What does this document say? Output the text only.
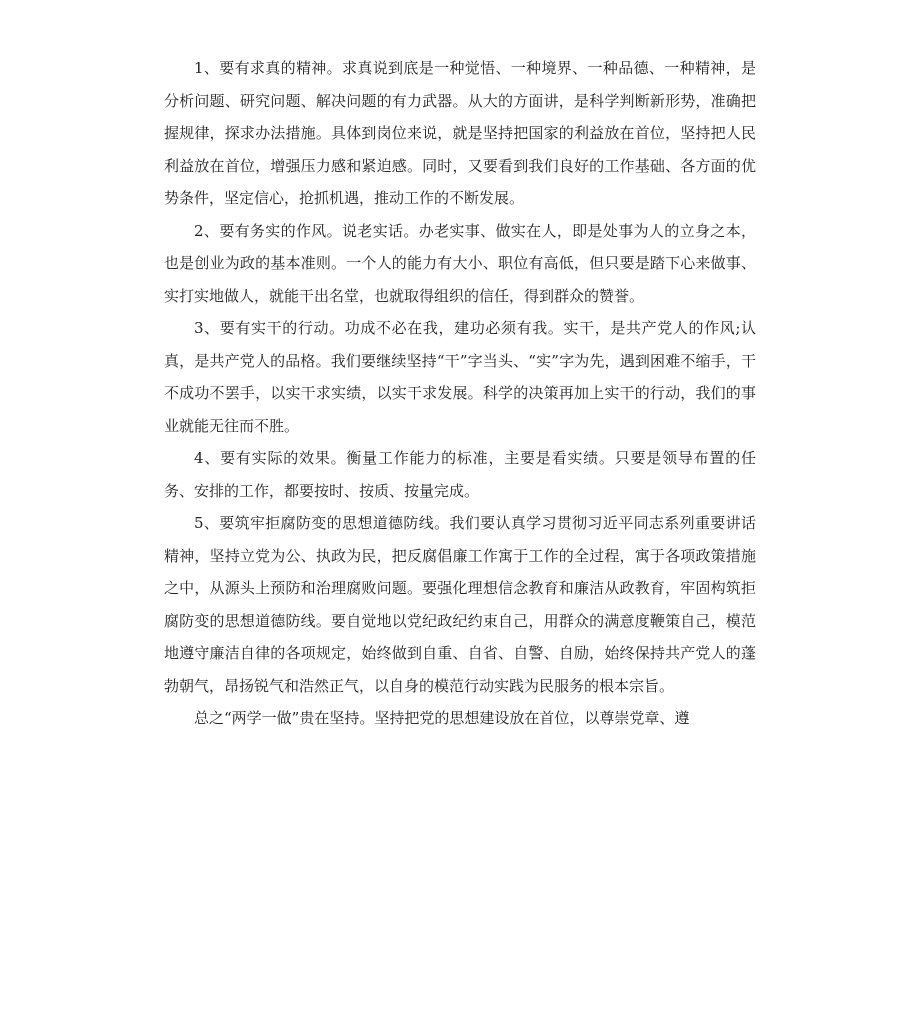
1、要有求真的精神。求真说到底是一种觉悟、一种境界、一种品德、一种精神，是分析问题、研究问题、解决问题的有力武器。从大的方面讲，是科学判断新形势，准确把握规律，探求办法措施。具体到岗位来说，就是坚持把国家的利益放在首位，坚持把人民利益放在首位，增强压力感和紧迫感。同时，又要看到我们良好的工作基础、各方面的优势条件，坚定信心，抢抓机遇，推动工作的不断发展。

2、要有务实的作风。说老实话。办老实事、做实在人，即是处事为人的立身之本，也是创业为政的基本准则。一个人的能力有大小、职位有高低，但只要是踏下心来做事、实打实地做人，就能干出名堂，也就取得组织的信任，得到群众的赞誉。

3、要有实干的行动。功成不必在我，建功必须有我。实干，是共产党人的作风;认真，是共产党人的品格。我们要继续坚持“干”字当头、“实”字为先，遇到困难不缩手，干不成功不罢手，以实干求实绩，以实干求发展。科学的决策再加上实干的行动，我们的事业就能无往而不胜。

4、要有实际的效果。衡量工作能力的标准，主要是看实绩。只要是领导布置的任务、安排的工作，都要按时、按质、按量完成。

5、要筑牢拒腐防变的思想道德防线。我们要认真学习贯彻习近平同志系列重要讲话精神，坚持立党为公、执政为民，把反腐倡廉工作寓于工作的全过程，寓于各项政策措施之中，从源头上预防和治理腐败问题。要强化理想信念教育和廉洁从政教育，牢固构筑拒腐防变的思想道德防线。要自觉地以党纪政纪约束自己，用群众的满意度鞭策自己，模范地遵守廉洁自律的各项规定，始终做到自重、自省、自警、自励，始终保持共产党人的蓬勃朝气，昂扬锐气和浩然正气，以自身的模范行动实践为民服务的根本宗旨。

总之“两学一做”贵在坚持。坚持把党的思想建设放在首位，以尊崇党章、遵
